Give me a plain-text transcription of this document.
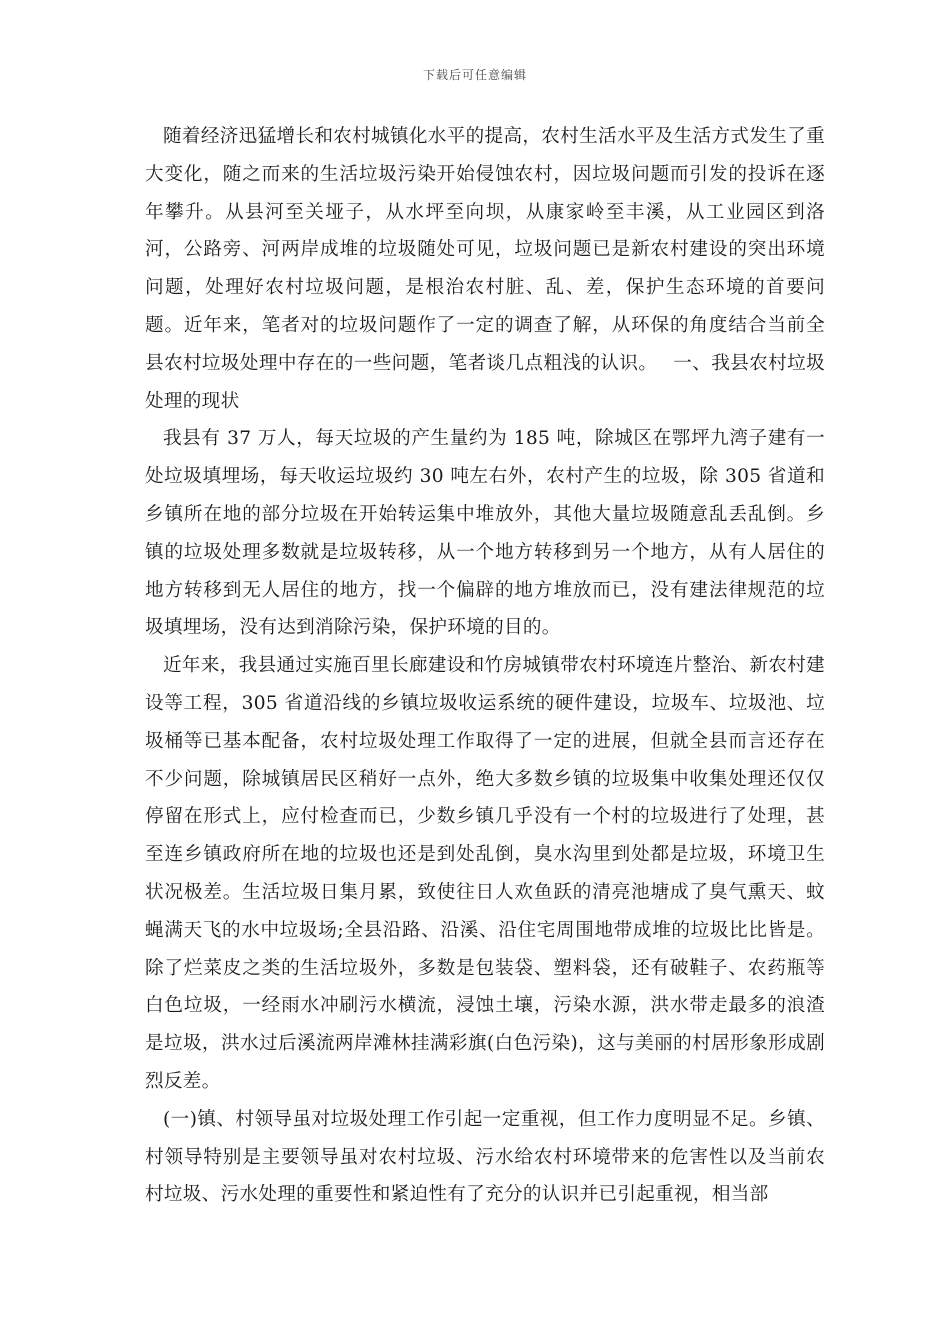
下载后可任意编辑

随着经济迅猛增长和农村城镇化水平的提高，农村生活水平及生活方式发生了重大变化，随之而来的生活垃圾污染开始侵蚀农村，因垃圾问题而引发的投诉在逐年攀升。从县河至关垭子，从水坪至向坝，从康家岭至丰溪，从工业园区到洛河，公路旁、河两岸成堆的垃圾随处可见，垃圾问题已是新农村建设的突出环境问题，处理好农村垃圾问题，是根治农村脏、乱、差，保护生态环境的首要问题。近年来，笔者对的垃圾问题作了一定的调查了解，从环保的角度结合当前全县农村垃圾处理中存在的一些问题，笔者谈几点粗浅的认识。　 一、我县农村垃圾处理的现状

我县有 37 万人，每天垃圾的产生量约为 185 吨，除城区在鄂坪九湾子建有一处垃圾填埋场，每天收运垃圾约 30 吨左右外，农村产生的垃圾，除 305 省道和乡镇所在地的部分垃圾在开始转运集中堆放外，其他大量垃圾随意乱丢乱倒。乡镇的垃圾处理多数就是垃圾转移，从一个地方转移到另一个地方，从有人居住的地方转移到无人居住的地方，找一个偏辟的地方堆放而已，没有建法律规范的垃圾填埋场，没有达到消除污染，保护环境的目的。

近年来，我县通过实施百里长廊建设和竹房城镇带农村环境连片整治、新农村建设等工程，305 省道沿线的乡镇垃圾收运系统的硬件建设，垃圾车、垃圾池、垃圾桶等已基本配备，农村垃圾处理工作取得了一定的进展，但就全县而言还存在不少问题，除城镇居民区稍好一点外，绝大多数乡镇的垃圾集中收集处理还仅仅停留在形式上，应付检查而已，少数乡镇几乎没有一个村的垃圾进行了处理，甚至连乡镇政府所在地的垃圾也还是到处乱倒，臭水沟里到处都是垃圾，环境卫生状况极差。生活垃圾日集月累，致使往日人欢鱼跃的清亮池塘成了臭气熏天、蚊蝇满天飞的水中垃圾场;全县沿路、沿溪、沿住宅周围地带成堆的垃圾比比皆是。除了烂菜皮之类的生活垃圾外，多数是包装袋、塑料袋，还有破鞋子、农药瓶等白色垃圾，一经雨水冲刷污水横流，浸蚀土壤，污染水源，洪水带走最多的浪渣是垃圾，洪水过后溪流两岸滩林挂满彩旗(白色污染)，这与美丽的村居形象形成剧烈反差。

(一)镇、村领导虽对垃圾处理工作引起一定重视，但工作力度明显不足。乡镇、村领导特别是主要领导虽对农村垃圾、污水给农村环境带来的危害性以及当前农村垃圾、污水处理的重要性和紧迫性有了充分的认识并已引起重视，相当部
